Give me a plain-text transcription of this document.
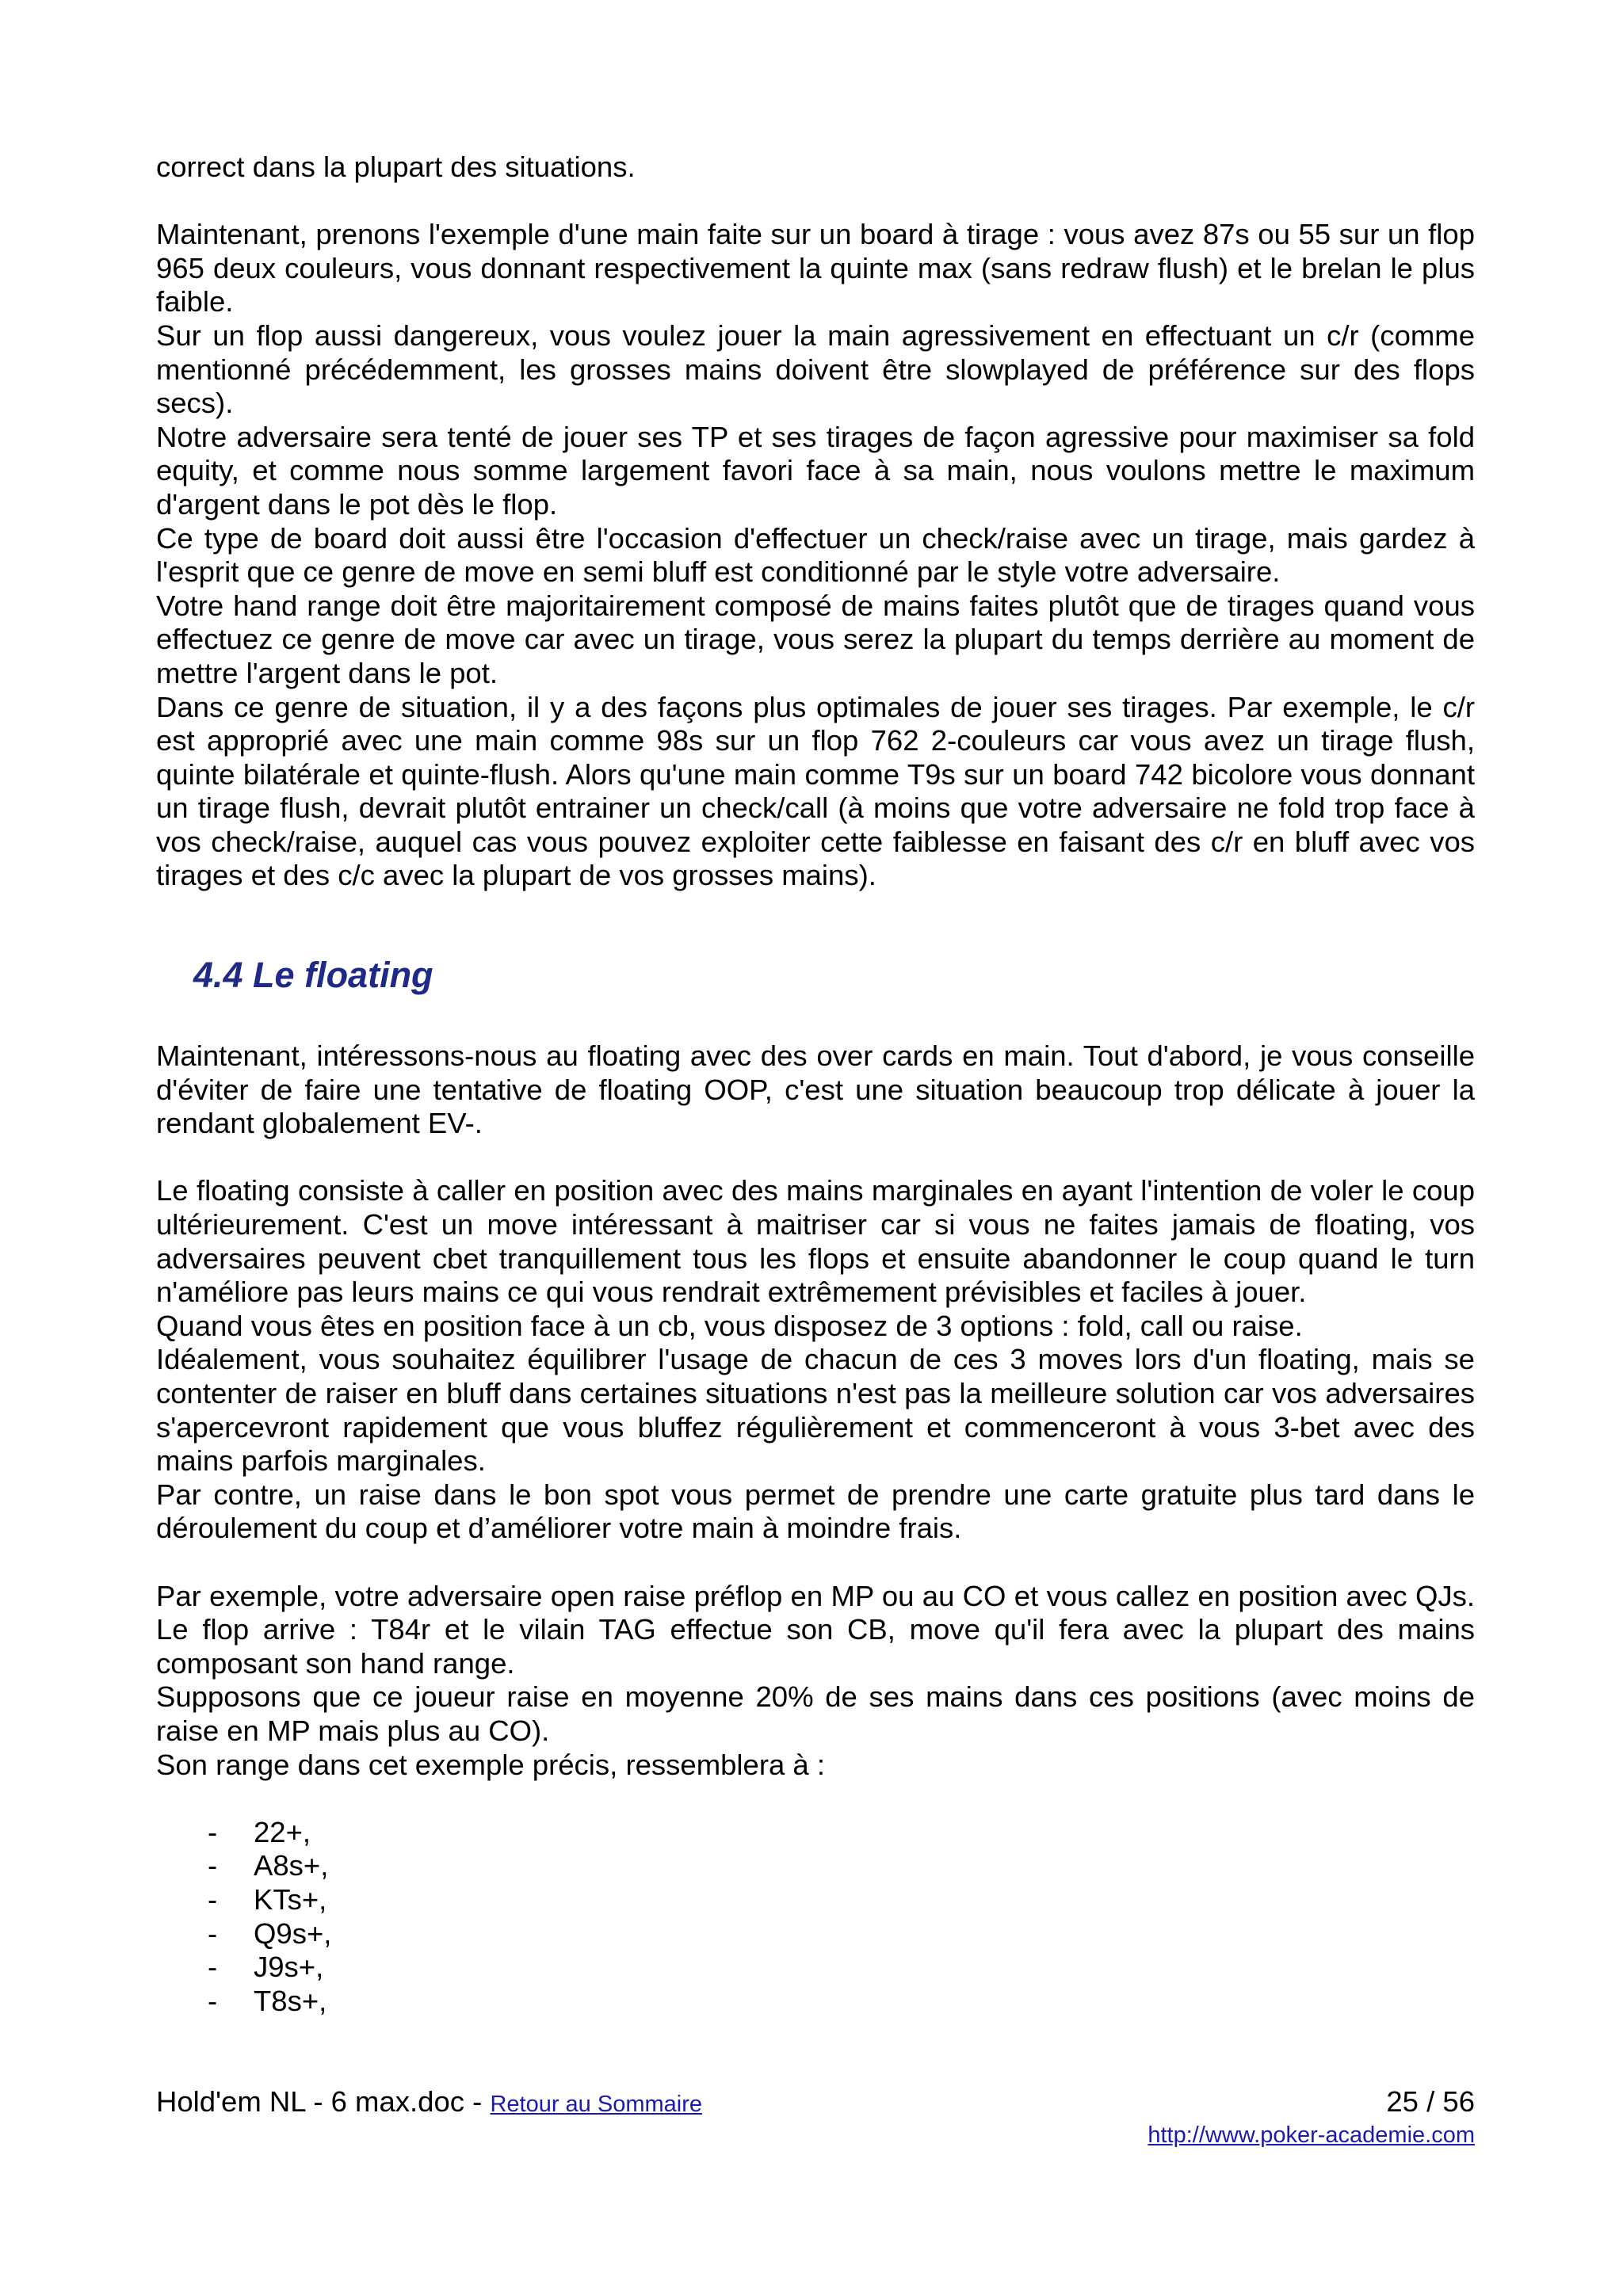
correct dans la plupart des situations.

Maintenant, prenons l'exemple d'une main faite sur un board à tirage : vous avez 87s ou 55 sur un flop 965 deux couleurs, vous donnant respectivement la quinte max (sans redraw flush) et le brelan le plus faible.

Sur un flop aussi dangereux, vous voulez jouer la main agressivement en effectuant un c/r (comme mentionné précédemment, les grosses mains doivent être slowplayed de préférence sur des flops secs).

Notre adversaire sera tenté de jouer ses TP et ses tirages de façon agressive pour maximiser sa fold equity, et comme nous somme largement favori face à sa main, nous voulons mettre le maximum d'argent dans le pot dès le flop.

Ce type de board doit aussi être l'occasion d'effectuer un check/raise avec un tirage, mais gardez à l'esprit que ce genre de move en semi bluff est conditionné par le style votre adversaire.

Votre hand range doit être majoritairement composé de mains faites plutôt que de tirages quand vous effectuez ce genre de move car avec un tirage, vous serez la plupart du temps derrière au moment de mettre l'argent dans le pot.

Dans ce genre de situation, il y a des façons plus optimales de jouer ses tirages. Par exemple, le c/r est approprié avec une main comme 98s sur un flop 762 2-couleurs car vous avez un tirage flush, quinte bilatérale et quinte-flush. Alors qu'une main comme T9s sur un board 742 bicolore vous donnant un tirage flush, devrait plutôt entrainer un check/call (à moins que votre adversaire ne fold trop face à vos check/raise, auquel cas vous pouvez exploiter cette faiblesse en faisant des c/r en bluff avec vos tirages et des c/c avec la plupart de vos grosses mains).

4.4 Le floating

Maintenant, intéressons-nous au floating avec des over cards en main. Tout d'abord, je vous conseille d'éviter de faire une tentative de floating OOP, c'est une situation beaucoup trop délicate à jouer la rendant globalement EV-.

Le floating consiste à caller en position avec des mains marginales en ayant l'intention de voler le coup ultérieurement. C'est un move intéressant à maitriser car si vous ne faites jamais de floating, vos adversaires peuvent cbet tranquillement tous les flops et ensuite abandonner le coup quand le turn n'améliore pas leurs mains ce qui vous rendrait extrêmement prévisibles et faciles à jouer.

Quand vous êtes en position face à un cb, vous disposez de 3 options : fold, call ou raise.

Idéalement, vous souhaitez équilibrer l'usage de chacun de ces 3 moves lors d'un floating, mais se contenter de raiser en bluff dans certaines situations n'est pas la meilleure solution car vos adversaires s'apercevront rapidement que vous bluffez régulièrement et commenceront à vous 3-bet avec des mains parfois marginales.

Par contre, un raise dans le bon spot vous permet de prendre une carte gratuite plus tard dans le déroulement du coup et d’améliorer votre main à moindre frais.

Par exemple, votre adversaire open raise préflop en MP ou au CO et vous callez en position avec QJs. Le flop arrive : T84r et le vilain TAG effectue son CB, move qu'il fera avec la plupart des mains composant son hand range.

Supposons que ce joueur raise en moyenne 20% de ses mains dans ces positions (avec moins de raise en MP mais plus au CO).

Son range dans cet exemple précis, ressemblera à :

- 22+,
- A8s+,
- KTs+,
- Q9s+,
- J9s+,
- T8s+,
Hold'em NL - 6 max.doc - Retour au Sommaire	25 / 56
http://www.poker-academie.com
